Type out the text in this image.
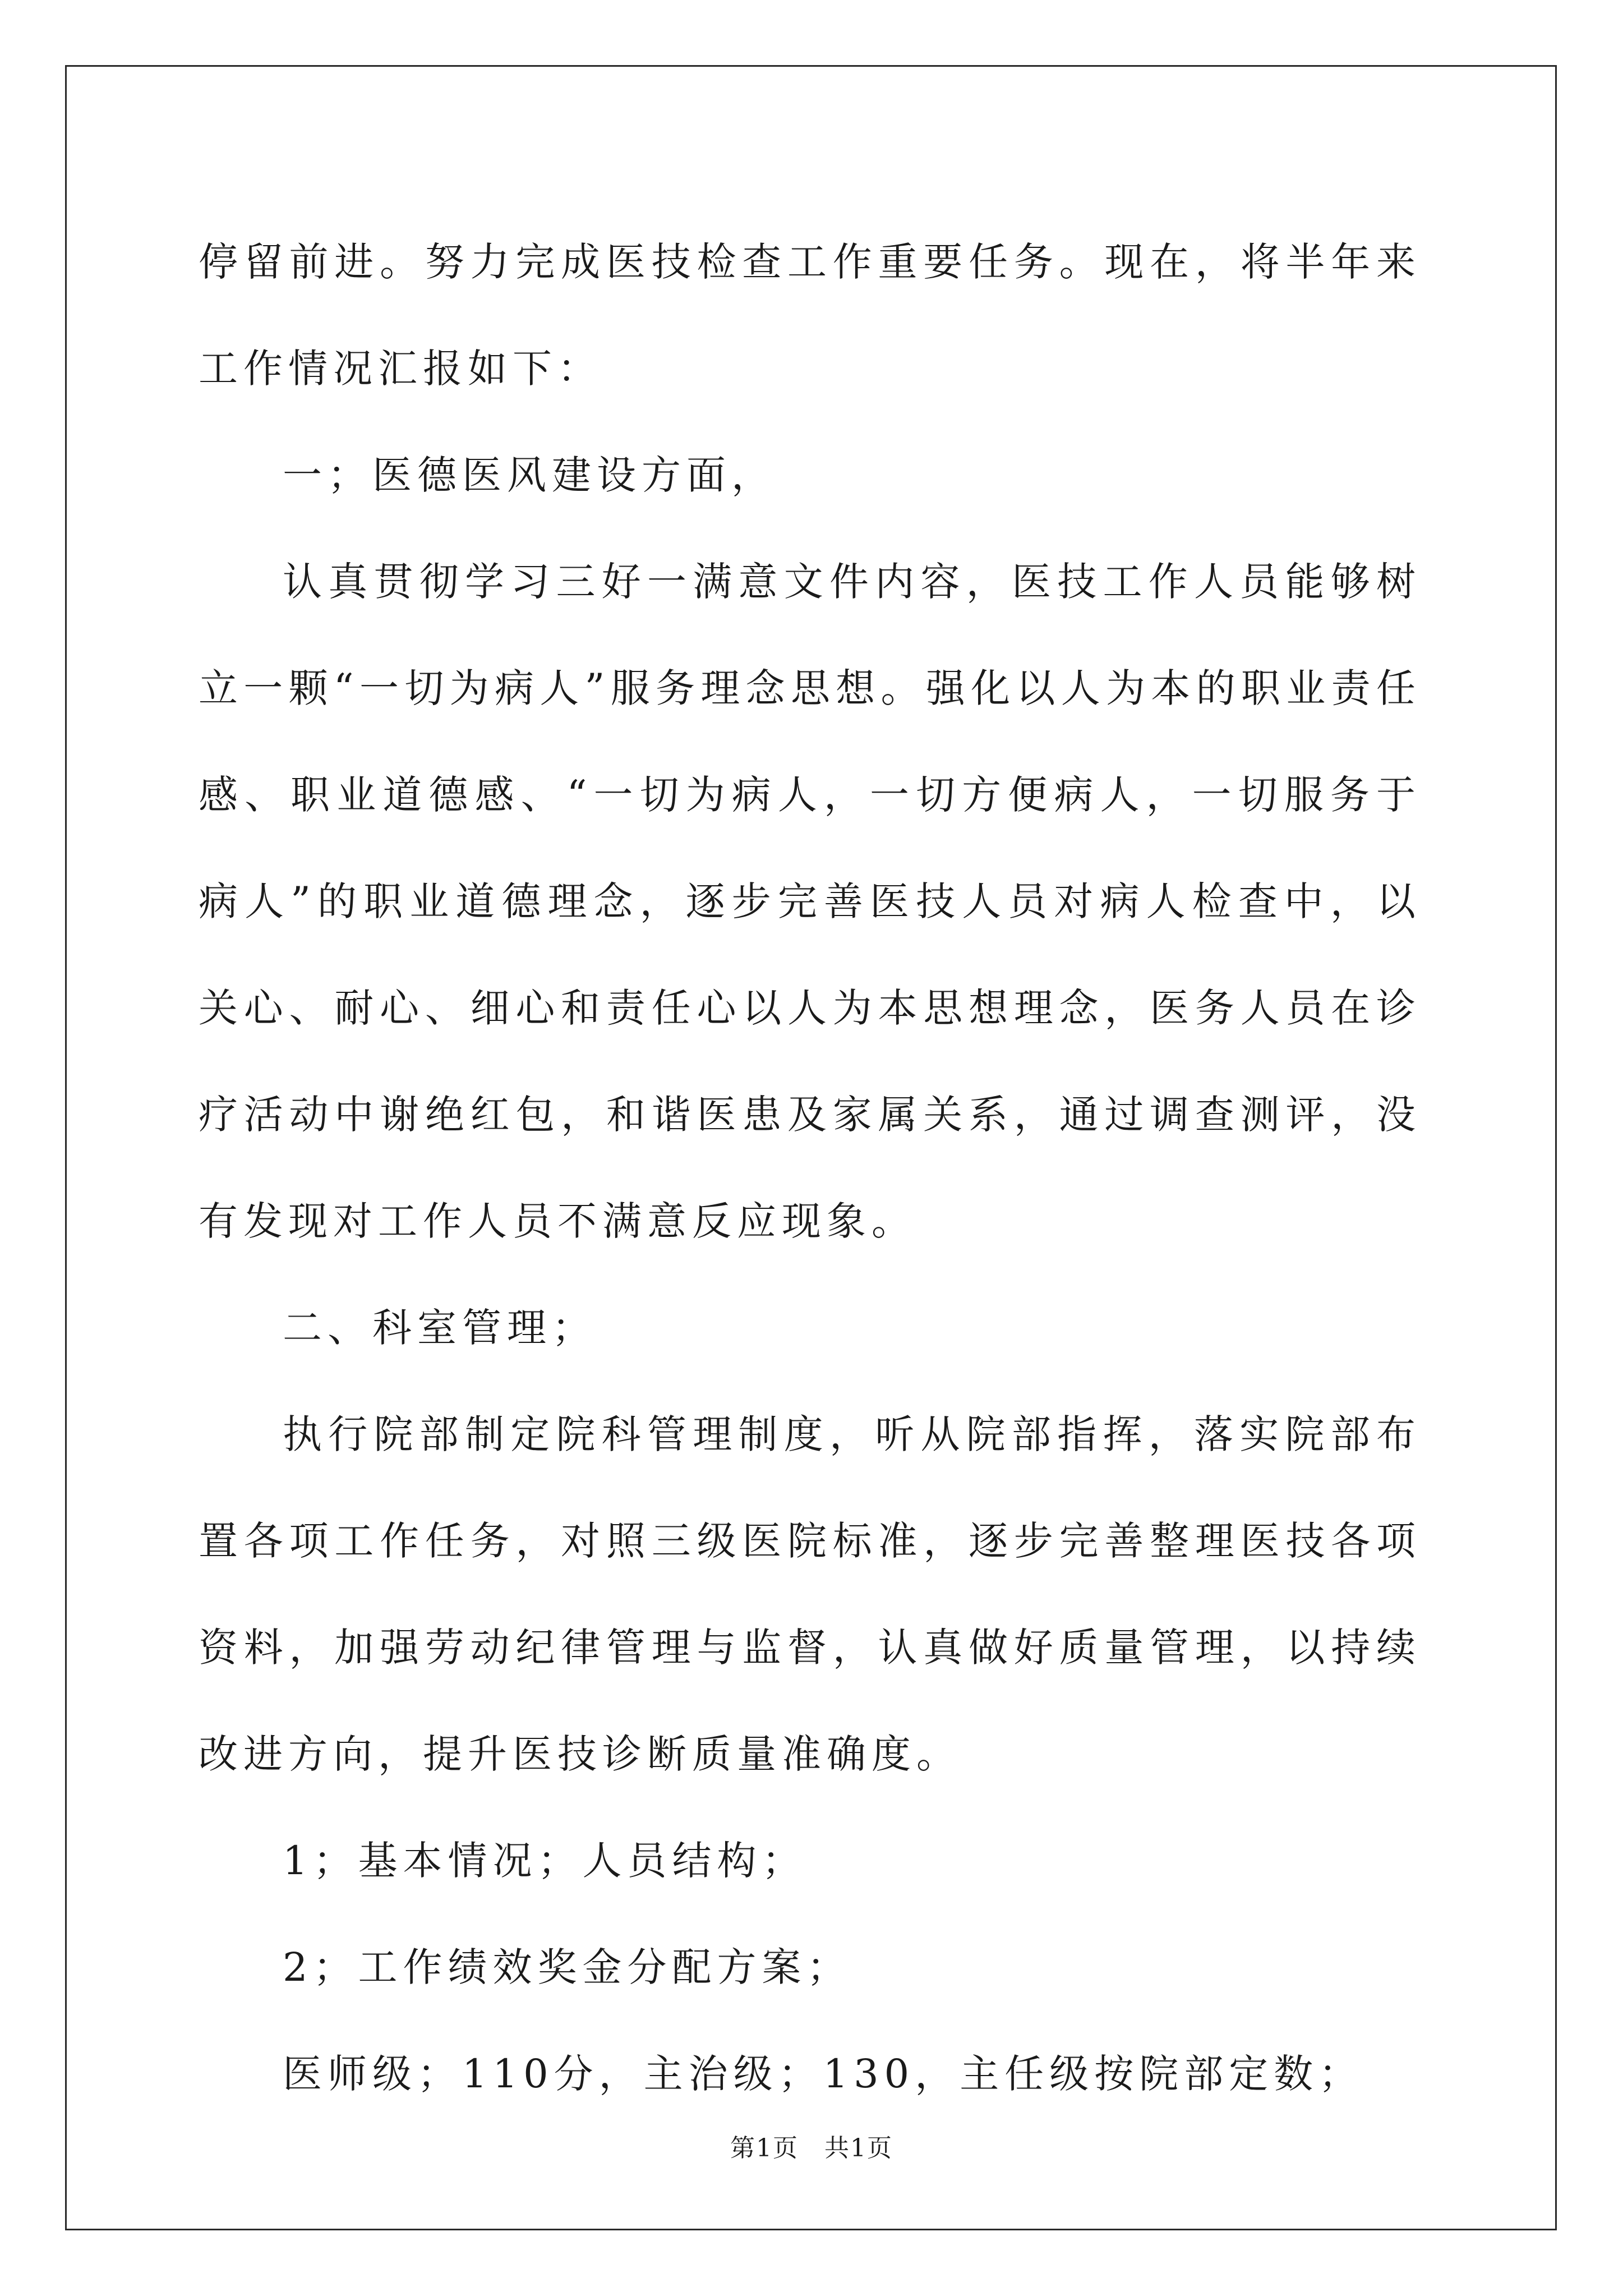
停留前进。努力完成医技检查工作重要任务。现在，将半年来工作情况汇报如下：

一；医德医风建设方面，

认真贯彻学习三好一满意文件内容，医技工作人员能够树立一颗“一切为病人”服务理念思想。强化以人为本的职业责任感、职业道德感、“一切为病人，一切方便病人，一切服务于病人”的职业道德理念，逐步完善医技人员对病人检查中，以关心、耐心、细心和责任心以人为本思想理念，医务人员在诊疗活动中谢绝红包，和谐医患及家属关系，通过调查测评，没有发现对工作人员不满意反应现象。

二、科室管理；

执行院部制定院科管理制度，听从院部指挥，落实院部布置各项工作任务，对照三级医院标准，逐步完善整理医技各项资料，加强劳动纪律管理与监督，认真做好质量管理，以持续改进方向，提升医技诊断质量准确度。

1；基本情况；人员结构；

2；工作绩效奖金分配方案；

医师级；110分，主治级；130，主任级按院部定数；

第1页　共1页
